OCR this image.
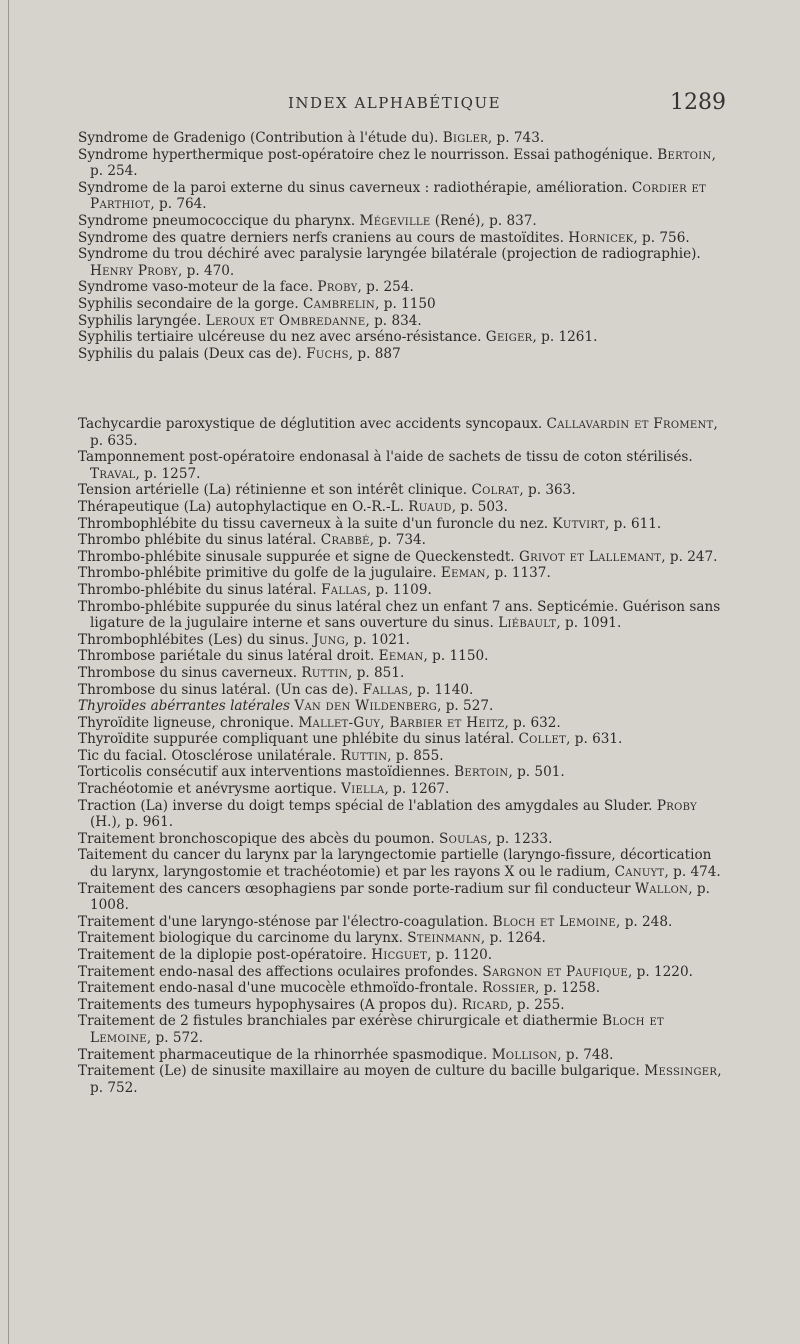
INDEX ALPHABÉTIQUE	1289

Syndrome de Gradenigo (Contribution à l'étude du). Bigler, p. 743.

Syndrome hyperthermique post-opératoire chez le nourrisson. Essai pathogénique. Bertoin, p. 254.

Syndrome de la paroi externe du sinus caverneux : radiothérapie, amélioration. Cordier et Parthiot, p. 764.

Syndrome pneumococcique du pharynx. Mégeville (René), p. 837.

Syndrome des quatre derniers nerfs craniens au cours de mastoïdites. Hornicek, p. 756.

Syndrome du trou déchiré avec paralysie laryngée bilatérale (projection de radiographie). Henry Proby, p. 470.

Syndrome vaso-moteur de la face. Proby, p. 254.

Syphilis secondaire de la gorge. Cambrelin, p. 1150

Syphilis laryngée. Leroux et Ombredanne, p. 834.

Syphilis tertiaire ulcéreuse du nez avec arséno-résistance. Geiger, p. 1261.

Syphilis du palais (Deux cas de). Fuchs, p. 887

Tachycardie paroxystique de déglutition avec accidents syncopaux. Callavardin et Froment, p. 635.

Tamponnement post-opératoire endonasal à l'aide de sachets de tissu de coton stérilisés. Traval, p. 1257.

Tension artérielle (La) rétinienne et son intérêt clinique. Colrat, p. 363.

Thérapeutique (La) autophylactique en O.-R.-L. Ruaud, p. 503.

Thrombophlébite du tissu caverneux à la suite d'un furoncle du nez. Kutvirt, p. 611.

Thrombo phlébite du sinus latéral. Crabbé, p. 734.

Thrombo-phlébite sinusale suppurée et signe de Queckenstedt. Grivot et Lallemant, p. 247.

Thrombo-phlébite primitive du golfe de la jugulaire. Eeman, p. 1137.

Thrombo-phlébite du sinus latéral. Fallas, p. 1109.

Thrombo-phlébite suppurée du sinus latéral chez un enfant 7 ans. Septicémie. Guérison sans ligature de la jugulaire interne et sans ouverture du sinus. Liébault, p. 1091.

Thrombophlébites (Les) du sinus. Jung, p. 1021.

Thrombose pariétale du sinus latéral droit. Eeman, p. 1150.

Thrombose du sinus caverneux. Ruttin, p. 851.

Thrombose du sinus latéral. (Un cas de). Fallas, p. 1140.

Thyroïdes abérrantes latérales Van den Wildenberg, p. 527.

Thyroïdite ligneuse, chronique. Mallet-Guy, Barbier et Heitz, p. 632.

Thyroïdite suppurée compliquant une phlébite du sinus latéral. Collet, p. 631.

Tic du facial. Otosclérose unilatérale. Ruttin, p. 855.

Torticolis consécutif aux interventions mastoïdiennes. Bertoin, p. 501.

Trachéotomie et anévrysme aortique. Viella, p. 1267.

Traction (La) inverse du doigt temps spécial de l'ablation des amygdales au Sluder. Proby (H.), p. 961.

Traitement bronchoscopique des abcès du poumon. Soulas, p. 1233.

Taitement du cancer du larynx par la laryngectomie partielle (laryngo-fissure, décortication du larynx, laryngostomie et trachéotomie) et par les rayons X ou le radium, Canuyt, p. 474.

Traitement des cancers œsophagiens par sonde porte-radium sur fil conducteur Wallon, p. 1008.

Traitement d'une laryngo-sténose par l'électro-coagulation. Bloch et Lemoine, p. 248.

Traitement biologique du carcinome du larynx. Steinmann, p. 1264.

Traitement de la diplopie post-opératoire. Hicguet, p. 1120.

Traitement endo-nasal des affections oculaires profondes. Sargnon et Paufique, p. 1220.

Traitement endo-nasal d'une mucocèle ethmoïdo-frontale. Rossier, p. 1258.

Traitements des tumeurs hypophysaires (A propos du). Ricard, p. 255.

Traitement de 2 fistules branchiales par exérèse chirurgicale et diathermie Bloch et Lemoine, p. 572.

Traitement pharmaceutique de la rhinorrhée spasmodique. Mollison, p. 748.

Traitement (Le) de sinusite maxillaire au moyen de culture du bacille bulgarique. Messinger, p. 752.
